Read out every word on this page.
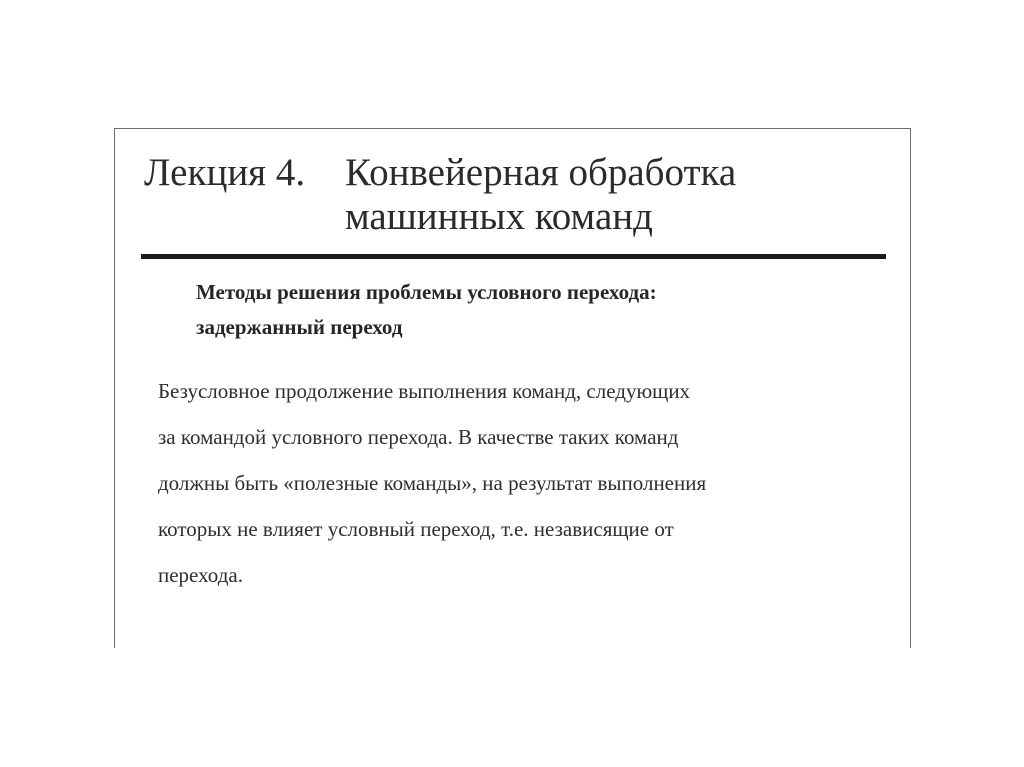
Лекция 4. Конвейерная обработка
машинных команд
Методы решения проблемы условного перехода:
задержанный переход
Безусловное продолжение выполнения команд, следующих
за командой условного перехода. В качестве таких команд
должны быть «полезные команды», на результат выполнения
которых не влияет условный переход, т.е. независящие от
перехода.
